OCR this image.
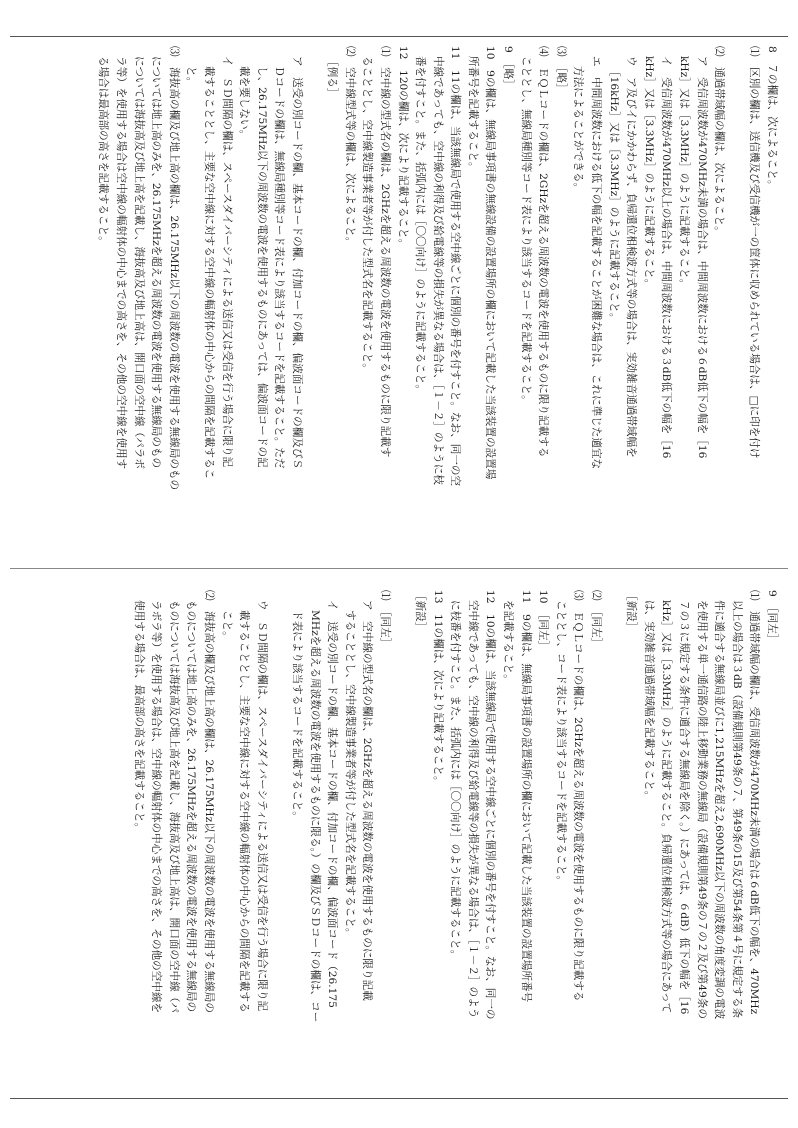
8　７の欄は、次によること。
⑴　区別の欄は、送信機及び受信機が一の筐体に収められている場合は、□に印を付け
⑵　通過帯域幅の欄は、次によること。
ア　受信周波数が470MHz未満の場合は、中間周波数における６dB低下の幅を［16
kHz］又は［3.3MHz］のように記載すること。
イ　受信周波数が470MHz以上の場合は、中間周波数における３dB低下の幅を［16
kHz］又は［3.3MHz］のように記載すること。
ウ　ア及びイにかかわらず、負帰還位相検波方式等の場合は、実効雑音通過帯域幅を
［16kHz］又は［3.3MHz］のように記載すること。
エ　中間周波数における低下の幅を記載することが困難な場合は、これに準じた適宜な
方法によることができる。
⑶　［略］
⑷　ＥＱＬコードの欄は、2GHzを超える周波数の電波を使用するものに限り記載する
こととし、無線局種別等コード表により該当するコードを記載すること。
9　［略］
10　9の欄は、無線局事項書の無線設備の設置場所の欄において記載した当該装置の設置場
所番号を記載すること。
11　11の欄は、当該無線局で使用する空中線ごとに個別の番号を付すこと。なお、同一の空
中線であっても、空中線の利得及び給電線等の損失が異なる場合は、［１－２］のように枝
番を付すこと。また、括弧内には［〇〇向け］のように記載すること。
12　120の欄は、次により記載すること。
⑴　空中線の型式名の欄は、2GHzを超える周波数の電波を使用するものに限り記載す
ることとし、空中線製造事業者等が付した型式名を記載すること。
⑵　空中線型式等の欄は、次によること。
［例る］
ア　送受の別コードの欄、基本コードの欄、付加コードの欄、偏波面コードの欄及びＳ
Ｄコードの欄は、無線局種別等コード表により該当するコードを記載すること。ただ
し、26.175MHz以下の周波数の電波を使用するものにあっては、偏波面コードの記
載を要しない。
イ　ＳＤ間隔の欄は、スペースダイバーシティによる送信又は受信を行う場合に限り記
載することとし、主要な空中線に対する空中線の輻射体の中心からの間隔を記載するこ
と。
⑶　海抜高の欄及び地上高の欄は、26.175MHz以下の周波数の電波を使用する無線局のもの
については地上高のみを、26.175MHzを超える周波数の電波を使用する無線局のもの
については海抜高及び地上高を記載し、海抜高及び地上高は、開口面の空中線（パラボ
ラ等）を使用する場合は空中線の輻射体の中心までの高さを、その他の空中線を使用す
る場合は最高部の高さを記載すること。
9　［同左］
⑴　通過帯域幅の欄は、受信周波数が470MHz未満の場合は６dB低下の幅を、470MHz
以上の場合は３dB（設備規則第49条の７、第49条の15及び第54条第４号に規定する条
件に適合する無線局並びに1,215MHzを超え2,690MHz以下の周波数の角度変調の電波
を使用する単一通信路の陸上移動業務の無線局（設備規則第49条の７の２及び第49条の
７の３に規定する条件に適合する無線局を除く。）にあっては、６dB）低下の幅を［16
kHz］又は［3.3MHz］のように記載すること。負帰還位相検波方式等の場合にあって
は、実効雑音通過帯域幅を記載すること。
［新設］
⑵　［同左］
⑶　ＥＱＬコードの欄は、2GHzを超える周波数の電波を使用するものに限り記載する
こととし、コード表により該当するコードを記載すること。
10　［同左］
11　9の欄は、無線局事項書の設置場所の欄において記載した当該装置の設置場所番号
を記載すること。
12　10の欄は、当該無線局で使用する空中線ごとに個別の番号を付すこと。なお、同一の
空中線であっても、空中線の利得及び給電線等の損失が異なる場合は、［１－２］のよう
に枝番を付すこと。また、括弧内には［〇〇向け］のように記載すること。
13　11の欄は、次により記載すること。
［新設］
⑴　［同左］
ア　空中線の型式名の欄は、2GHzを超える周波数の電波を使用するものに限り記載
することとし、空中線製造事業者等が付した型式名を記載すること。
イ　送受の別コードの欄、基本コードの欄、付加コードの欄、偏波面コード（26.175
MHzを超える周波数の電波を使用するものに限る。）の欄及びＳＤコードの欄は、コー
ド表により該当するコードを記載すること。
ウ　ＳＤ間隔の欄は、スペースダイバーシティによる送信又は受信を行う場合に限り記
載することとし、主要な空中線に対する空中線の輻射体の中心からの間隔を記載する
こと。
⑵　海抜高の欄及び地上高の欄は、26.175MHz以下の周波数の電波を使用する無線局の
ものについては地上高のみを、26.175MHzを超える周波数の電波を使用する無線局の
ものについては海抜高及び地上高を記載し、海抜高及び地上高は、開口面の空中線（パ
ラボラ等）を使用する場合は、空中線の輻射体の中心までの高さを、その他の空中線を
使用する場合は、最高部の高さを記載すること。
